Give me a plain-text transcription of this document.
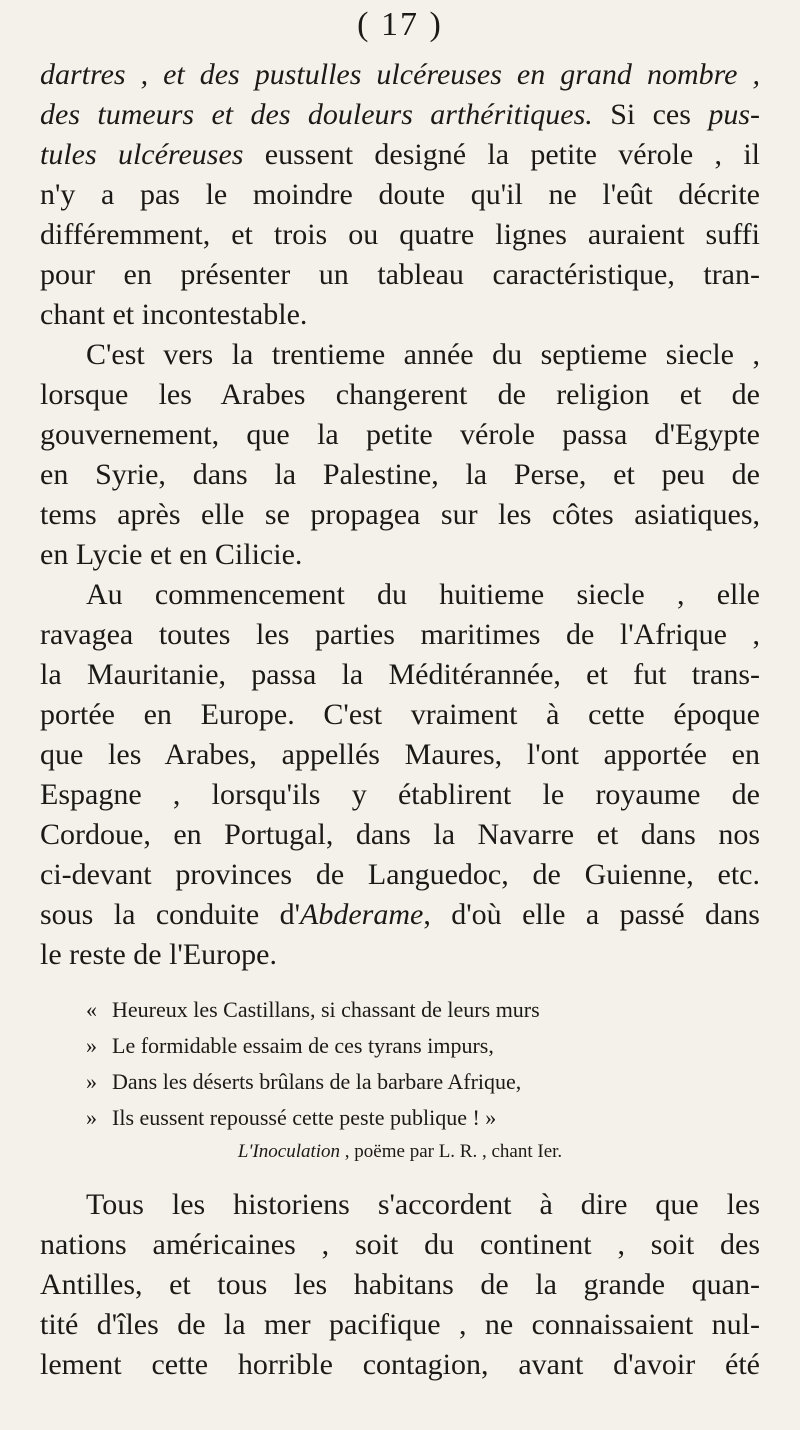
( 17 )
dartres , et des pustulles ulcéreuses en grand nombre ,
des tumeurs et des douleurs arthéritiques. Si ces pus-
tules ulcéreuses eussent designé la petite vérole , il
n'y a pas le moindre doute qu'il ne l'eût décrite
différemment, et trois ou quatre lignes auraient suffi
pour en présenter un tableau caractéristique, tran-
chant et incontestable.
C'est vers la trentieme année du septieme siecle ,
lorsque les Arabes changerent de religion et de
gouvernement, que la petite vérole passa d'Egypte
en Syrie, dans la Palestine, la Perse, et peu de
tems après elle se propagea sur les côtes asiatiques,
en Lycie et en Cilicie.
Au commencement du huitieme siecle , elle
ravagea toutes les parties maritimes de l'Afrique ,
la Mauritanie, passa la Méditérannée, et fut trans-
portée en Europe. C'est vraiment à cette époque
que les Arabes, appellés Maures, l'ont apportée en
Espagne , lorsqu'ils y établirent le royaume de
Cordoue, en Portugal, dans la Navarre et dans nos
ci-devant provinces de Languedoc, de Guienne, etc.
sous la conduite d'Abderame, d'où elle a passé dans
le reste de l'Europe.
« Heureux les Castillans, si chassant de leurs murs
» Le formidable essaim de ces tyrans impurs,
» Dans les déserts brûlans de la barbare Afrique,
» Ils eussent repoussé cette peste publique ! »
L'Inoculation , poëme par L. R. , chant Ier.
Tous les historiens s'accordent à dire que les
nations américaines , soit du continent , soit des
Antilles, et tous les habitans de la grande quan-
tité d'îles de la mer pacifique , ne connaissaient nul-
lement cette horrible contagion, avant d'avoir été
